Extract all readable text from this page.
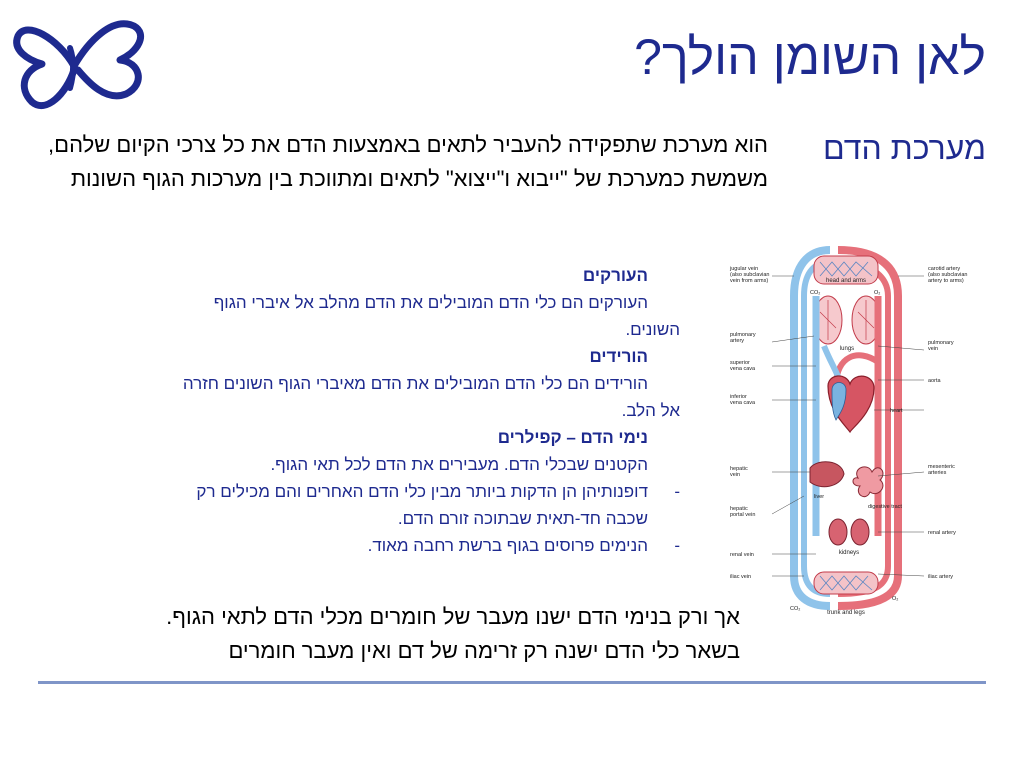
לאן השומן הולך?
מערכת הדם
הוא מערכת שתפקידה להעביר לתאים באמצעות הדם את כל צרכי הקיום שלהם, משמשת כמערכת של "ייבוא ו"ייצוא" לתאים ומתווכת בין מערכות הגוף השונות
העורקים
העורקים הם כלי הדם המובילים את הדם מהלב אל איברי הגוף השונים.
הורידים
הורידים הם כלי הדם המובילים את הדם מאיברי הגוף השונים חזרה אל הלב.
נימי הדם – קפילרים
הקטנים שבכלי הדם. מעבירים את הדם לכל תאי הגוף.
-
דופנותיהן הן הדקות ביותר מבין כלי הדם האחרים והם מכילים רק שכבה חד-תאית שבתוכה זורם הדם.
-
הנימים פרוסים בגוף ברשת רחבה מאוד.
jugular vein (also subclavian vein from arms)
carotid artery (also subclavian artery to arms)
head and arms
CO₂	O₂
pulmonary artery	pulmonary vein
lungs
superior vena cava
aorta
inferior vena cava
heart
hepatic vein
mesenteric arteries
liver
hepatic portal vein
digestive tract
renal vein
renal artery
kidneys
iliac vein	iliac artery
CO₂
O₂
trunk and legs
אך ורק בנימי הדם ישנו מעבר של חומרים מכלי הדם לתאי הגוף.
בשאר כלי הדם ישנה רק זרימה של דם ואין מעבר חומרים
